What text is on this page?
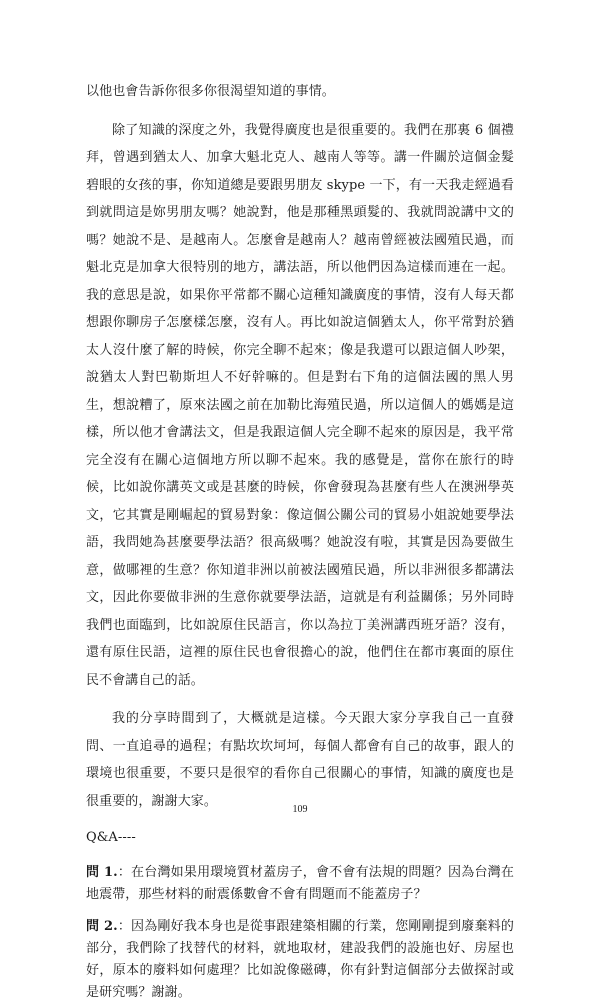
以他也會告訴你很多你很渴望知道的事情。

除了知識的深度之外，我覺得廣度也是很重要的。我們在那裏 6 個禮拜，曾遇到猶太人、加拿大魁北克人、越南人等等。講一件關於這個金髮碧眼的女孩的事，你知道總是要跟男朋友 skype 一下，有一天我走經過看到就問這是妳男朋友嗎？她說對，他是那種黑頭髮的、我就問說講中文的嗎？她說不是、是越南人。怎麼會是越南人？越南曾經被法國殖民過，而魁北克是加拿大很特別的地方，講法語，所以他們因為這樣而連在一起。我的意思是說，如果你平常都不關心這種知識廣度的事情，沒有人每天都想跟你聊房子怎麼樣怎麼，沒有人。再比如說這個猶太人，你平常對於猶太人沒什麼了解的時候，你完全聊不起來；像是我還可以跟這個人吵架，說猶太人對巴勒斯坦人不好幹嘛的。但是對右下角的這個法國的黑人男生，想說糟了，原來法國之前在加勒比海殖民過，所以這個人的媽媽是這樣，所以他才會講法文，但是我跟這個人完全聊不起來的原因是，我平常完全沒有在關心這個地方所以聊不起來。我的感覺是，當你在旅行的時候，比如說你講英文或是甚麼的時候，你會發現為甚麼有些人在澳洲學英文，它其實是剛崛起的貿易對象：像這個公關公司的貿易小姐說她要學法語，我問她為甚麼要學法語？很高級嗎？她說沒有啦，其實是因為要做生意，做哪裡的生意？你知道非洲以前被法國殖民過，所以非洲很多都講法文，因此你要做非洲的生意你就要學法語，這就是有利益關係；另外同時我們也面臨到，比如說原住民語言，你以為拉丁美洲講西班牙語？沒有，還有原住民語，這裡的原住民也會很擔心的說，他們住在都市裏面的原住民不會講自己的話。

我的分享時間到了，大概就是這樣。今天跟大家分享我自己一直發問、一直追尋的過程；有點坎坎坷坷，每個人都會有自己的故事，跟人的環境也很重要，不要只是很窄的看你自己很關心的事情，知識的廣度也是很重要的，謝謝大家。

Q&A----

問 1.：在台灣如果用環境質材蓋房子，會不會有法規的問題？因為台灣在地震帶，那些材料的耐震係數會不會有問題而不能蓋房子？

問 2.：因為剛好我本身也是從事跟建築相關的行業，您剛剛提到廢棄料的部分，我們除了找替代的材料，就地取材，建設我們的設施也好、房屋也好，原本的廢料如何處理？比如說像磁磚，你有針對這個部分去做探討或是研究嗎？謝謝。

109
